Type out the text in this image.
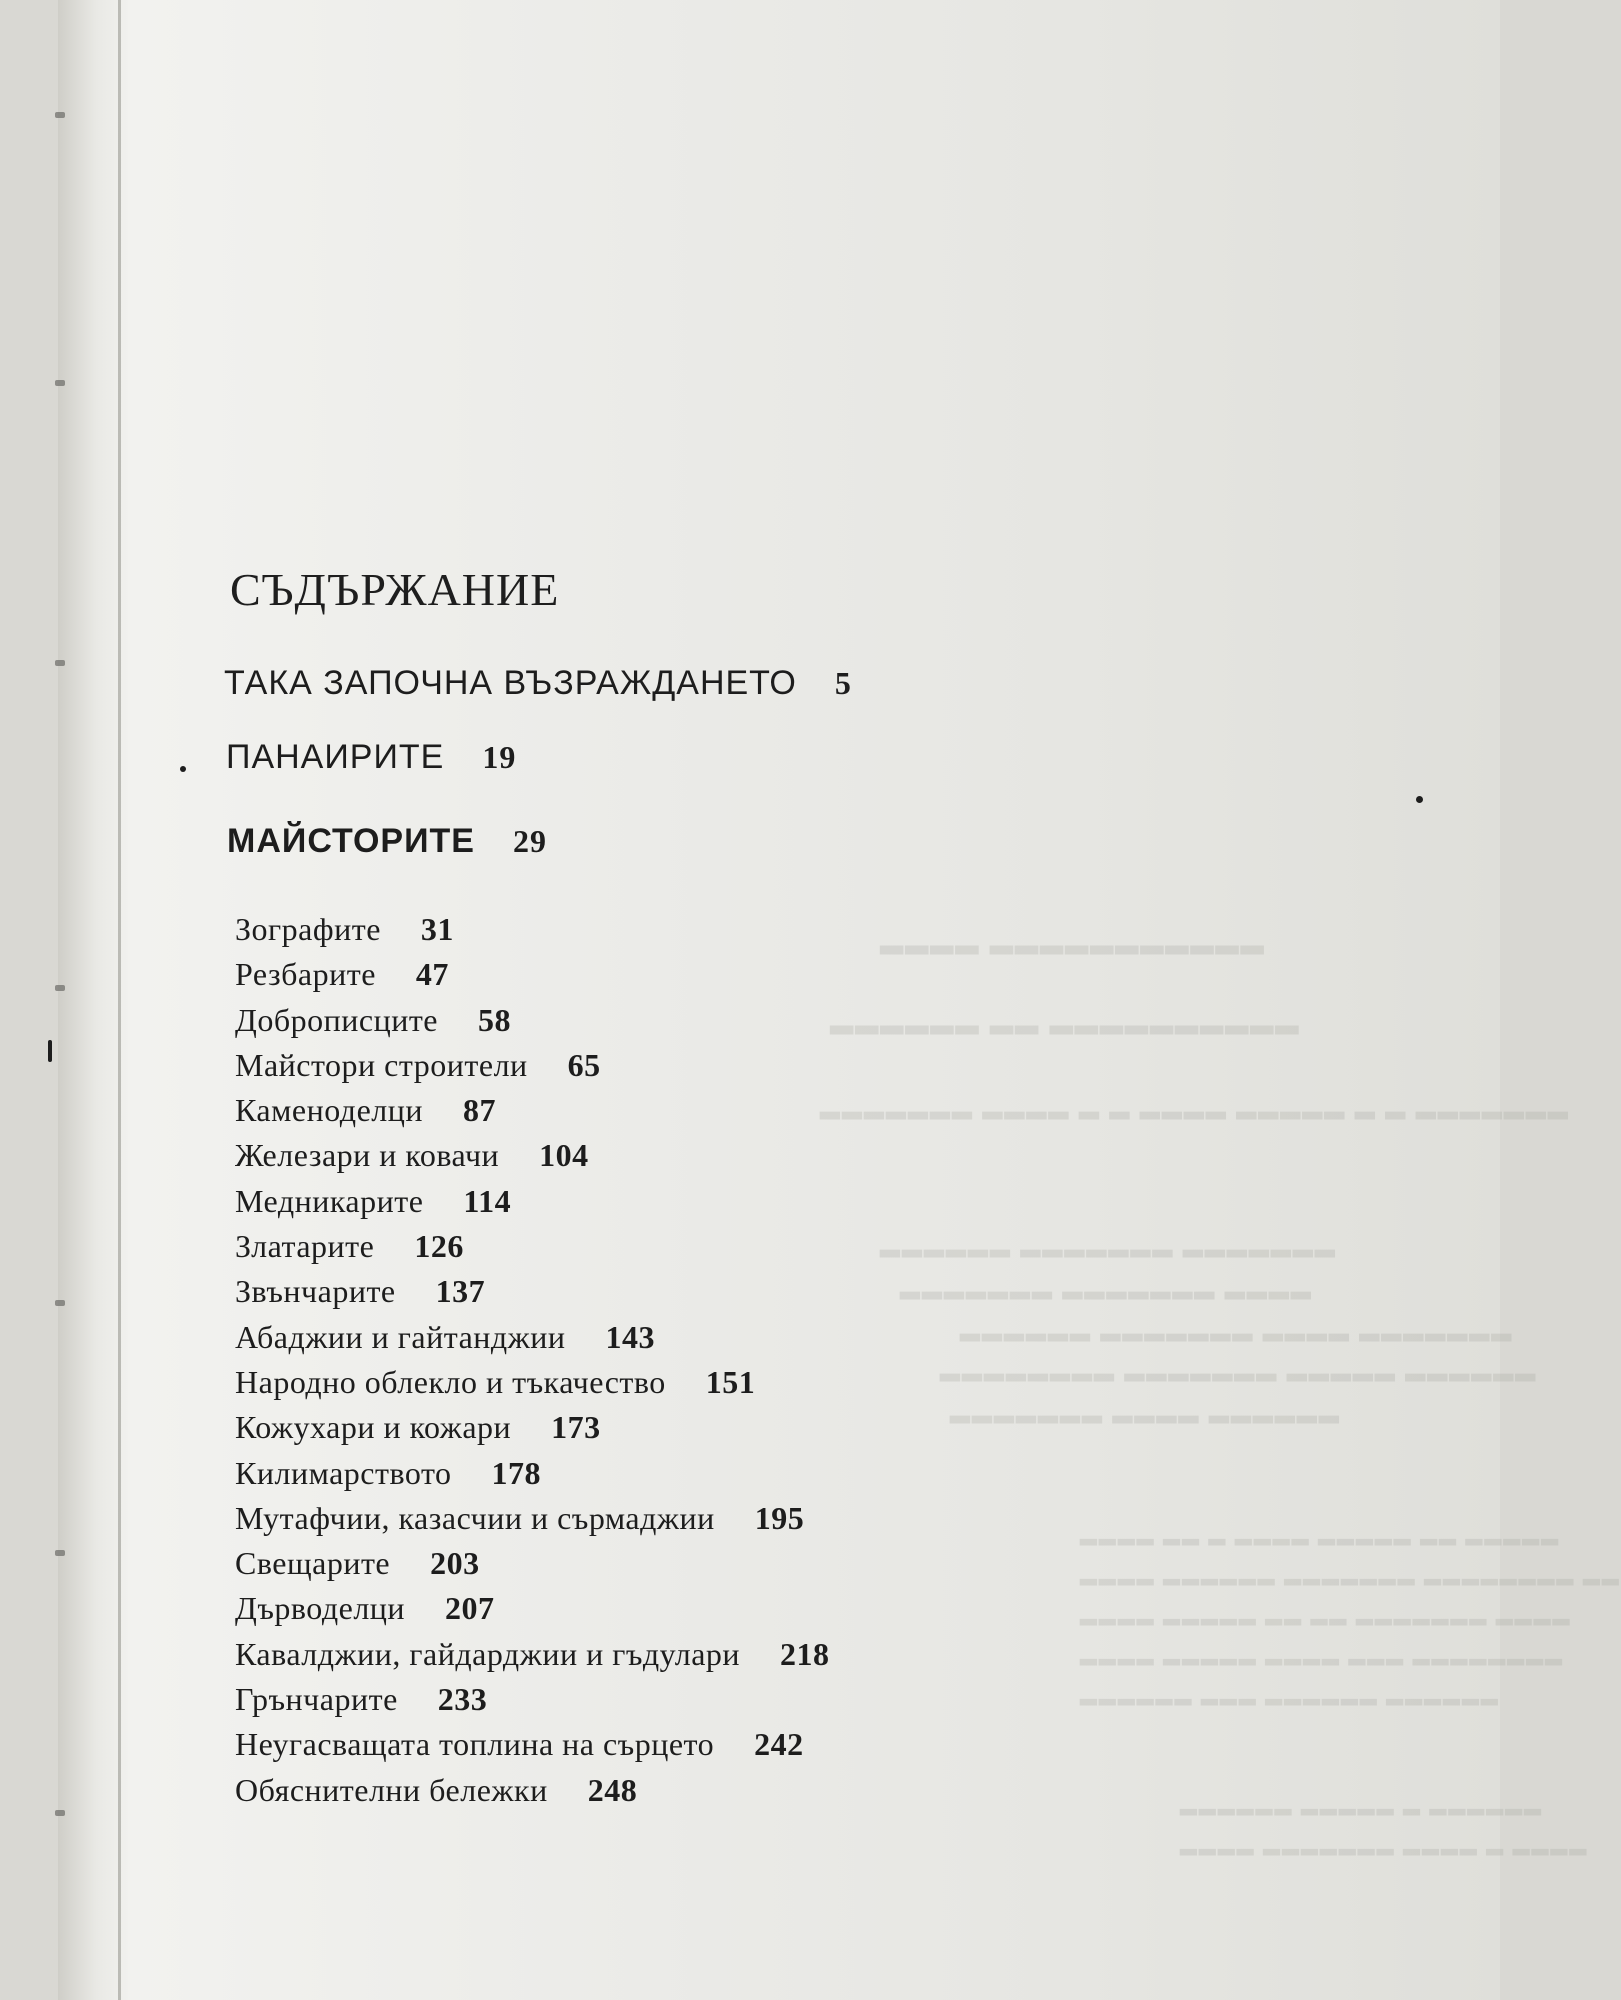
▂▂▂▂ ▂▂▂▂▂▂▂▂▂▂▂
▂▂▂▂▂▂ ▂▂ ▂▂▂▂▂▂▂▂▂▂
▂▂▂▂▂▂▂ ▂▂▂▂ ▂ ▂ ▂▂▂▂ ▂▂▂▂▂ ▂ ▂ ▂▂▂▂▂▂▂
▂▂▂▂▂▂ ▂▂▂▂▂▂▂ ▂▂▂▂▂▂▂
▂▂▂▂▂▂▂ ▂▂▂▂▂▂▂ ▂▂▂▂
▂▂▂▂▂▂ ▂▂▂▂▂▂▂ ▂▂▂▂ ▂▂▂▂▂▂▂
▂▂▂▂▂▂▂▂ ▂▂▂▂▂▂▂ ▂▂▂▂▂ ▂▂▂▂▂▂
▂▂▂▂▂▂▂ ▂▂▂▂ ▂▂▂▂▂▂
▂▂▂▂ ▂▂ ▂ ▂▂▂▂ ▂▂▂▂▂ ▂▂ ▂▂▂▂▂
▂▂▂▂ ▂▂▂▂▂▂ ▂▂▂▂▂▂▂ ▂▂▂▂▂▂▂▂ ▂▂
▂▂▂▂ ▂▂▂▂▂ ▂▂ ▂▂ ▂▂▂▂▂▂▂ ▂▂▂▂
▂▂▂▂ ▂▂▂▂▂ ▂▂▂▂ ▂▂▂ ▂▂▂▂▂▂▂▂
▂▂▂▂▂▂ ▂▂▂ ▂▂▂▂▂▂ ▂▂▂▂▂▂
▂▂▂▂▂▂ ▂▂▂▂▂ ▂ ▂▂▂▂▂▂
▂▂▂▂ ▂▂▂▂▂▂▂ ▂▂▂▂ ▂ ▂▂▂▂
СЪДЪРЖАНИЕ
ТАКА ЗАПОЧНА ВЪЗРАЖДАНЕТО 5
ПАНАИРИТЕ 19
МАЙСТОРИТЕ 29
Зографите 31
Резбарите 47
Доброписците 58
Майстори строители 65
Каменоделци 87
Железари и ковачи 104
Медникарите 114
Златарите 126
Звънчарите 137
Абаджии и гайтанджии 143
Народно облекло и тъкачество 151
Кожухари и кожари 173
Килимарството 178
Мутафчии, казасчии и сърмаджии 195
Свещарите 203
Дърводелци 207
Кавалджии, гайдарджии и гъдулари 218
Грънчарите 233
Неугасващата топлина на сърцето 242
Обяснителни бележки 248
